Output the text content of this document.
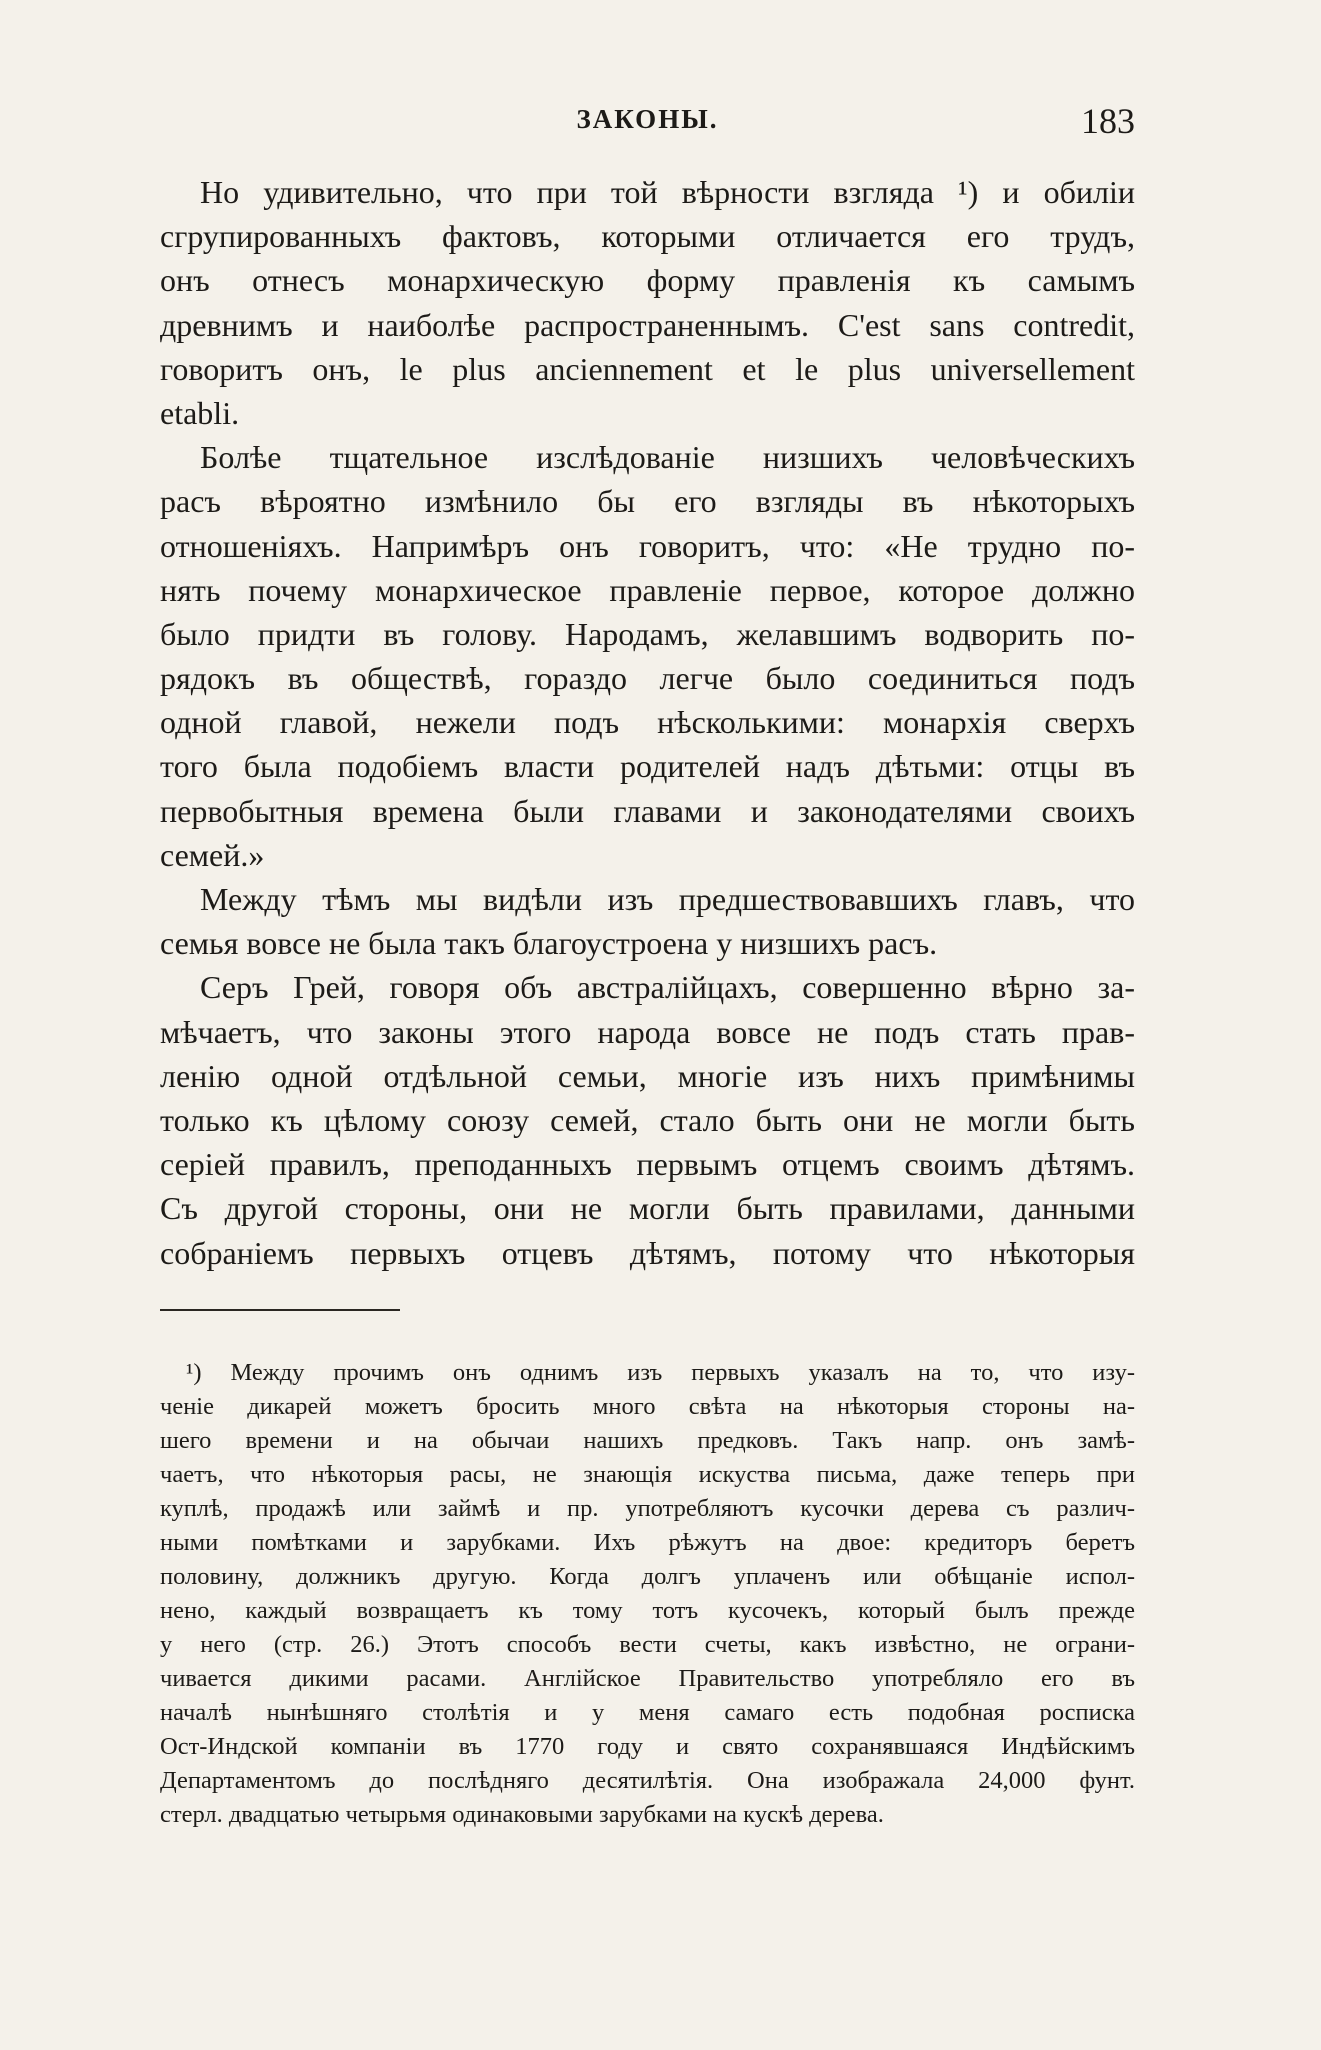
ЗАКОНЫ.	183
Но удивительно, что при той вѣрности взгляда ¹) и обиліи
сгрупированныхъ фактовъ, которыми отличается его трудъ,
онъ отнесъ монархическую форму правленія къ самымъ
древнимъ и наиболѣе распространеннымъ. C'est sans contredit,
говоритъ онъ, le plus anciennement et le plus universellement
etabli.
Болѣе тщательное изслѣдованіе низшихъ человѣческихъ
расъ вѣроятно измѣнило бы его взгляды въ нѣкоторыхъ
отношеніяхъ. Напримѣръ онъ говоритъ, что: «Не трудно по-
нять почему монархическое правленіе первое, которое должно
было придти въ голову. Народамъ, желавшимъ водворить по-
рядокъ въ обществѣ, гораздо легче было соединиться подъ
одной главой, нежели подъ нѣсколькими: монархія сверхъ
того была подобіемъ власти родителей надъ дѣтьми: отцы въ
первобытныя времена были главами и законодателями своихъ
семей.»
Между тѣмъ мы видѣли изъ предшествовавшихъ главъ, что
семья вовсе не была такъ благоустроена у низшихъ расъ.
Серъ Грей, говоря объ австралійцахъ, совершенно вѣрно за-
мѣчаетъ, что законы этого народа вовсе не подъ стать прав-
ленію одной отдѣльной семьи, многіе изъ нихъ примѣнимы
только къ цѣлому союзу семей, стало быть они не могли быть
серіей правилъ, преподанныхъ первымъ отцемъ своимъ дѣтямъ.
Съ другой стороны, они не могли быть правилами, данными
собраніемъ первыхъ отцевъ дѣтямъ, потому что нѣкоторыя
¹) Между прочимъ онъ однимъ изъ первыхъ указалъ на то, что изу-
ченіе дикарей можетъ бросить много свѣта на нѣкоторыя стороны на-
шего времени и на обычаи нашихъ предковъ. Такъ напр. онъ замѣ-
чаетъ, что нѣкоторыя расы, не знающія искуства письма, даже теперь при
куплѣ, продажѣ или займѣ и пр. употребляютъ кусочки дерева съ различ-
ными помѣтками и зарубками. Ихъ рѣжутъ на двое: кредиторъ беретъ
половину, должникъ другую. Когда долгъ уплаченъ или обѣщаніе испол-
нено, каждый возвращаетъ къ тому тотъ кусочекъ, который былъ прежде
у него (стр. 26.) Этотъ способъ вести счеты, какъ извѣстно, не ограни-
чивается дикими расами. Англійское Правительство употребляло его въ
началѣ нынѣшняго столѣтія и у меня самаго есть подобная росписка
Ост-Индской компаніи въ 1770 году и свято сохранявшаяся Индѣйскимъ
Департаментомъ до послѣдняго десятилѣтія. Она изображала 24,000 фунт.
стерл. двадцатью четырьмя одинаковыми зарубками на кускѣ дерева.
